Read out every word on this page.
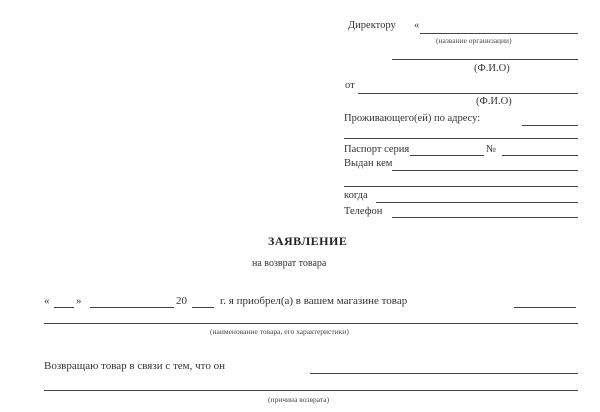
Директору «
(название организации)
(Ф.И.О)
от
(Ф.И.О)
Проживающего(ей) по адресу:
Паспорт серия	№
Выдан кем
когда
Телефон
ЗАЯВЛЕНИЕ
на возврат товара
« »	20	г. я приобрел(а) в вашем магазине товар
(наименование товара, его характеристики)
Возвращаю товар в связи с тем, что он
(причина возврата)
